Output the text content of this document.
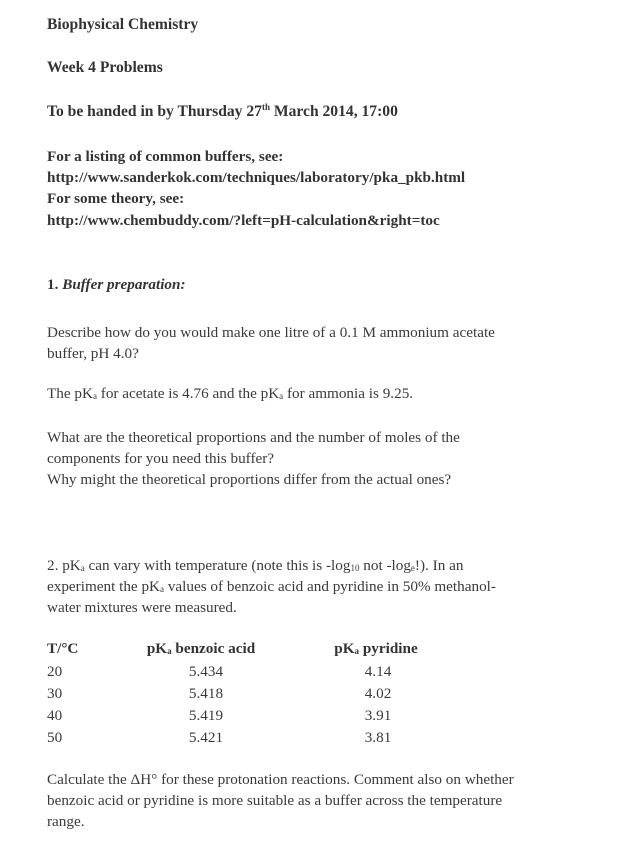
Biophysical Chemistry
Week 4 Problems
To be handed in by Thursday 27th March 2014, 17:00
For a listing of common buffers, see:
http://www.sanderkok.com/techniques/laboratory/pka_pkb.html
For some theory, see:
http://www.chembuddy.com/?left=pH-calculation&right=toc
1. Buffer preparation:
Describe how do you would make one litre of a 0.1 M ammonium acetate
buffer, pH 4.0?
The $pK_a$ for acetate is 4.76 and the $pK_a$ for ammonia is 9.25.
What are the theoretical proportions and the number of moles of the
components for you need this buffer?
Why might the theoretical proportions differ from the actual ones?
2. $pK_a$ can vary with temperature (note this is $-\log_{10}$ not $-\log_e$!). In an
experiment the $pK_a$ values of benzoic acid and pyridine in 50% methanol-
water mixtures were measured.
T/°C	$pK_a$ benzoic acid	$pK_a$ pyridine
20	5.434	4.14
30	5.418	4.02
40	5.419	3.91
50	5.421	3.81
Calculate the ΔH° for these protonation reactions. Comment also on whether
benzoic acid or pyridine is more suitable as a buffer across the temperature
range.
